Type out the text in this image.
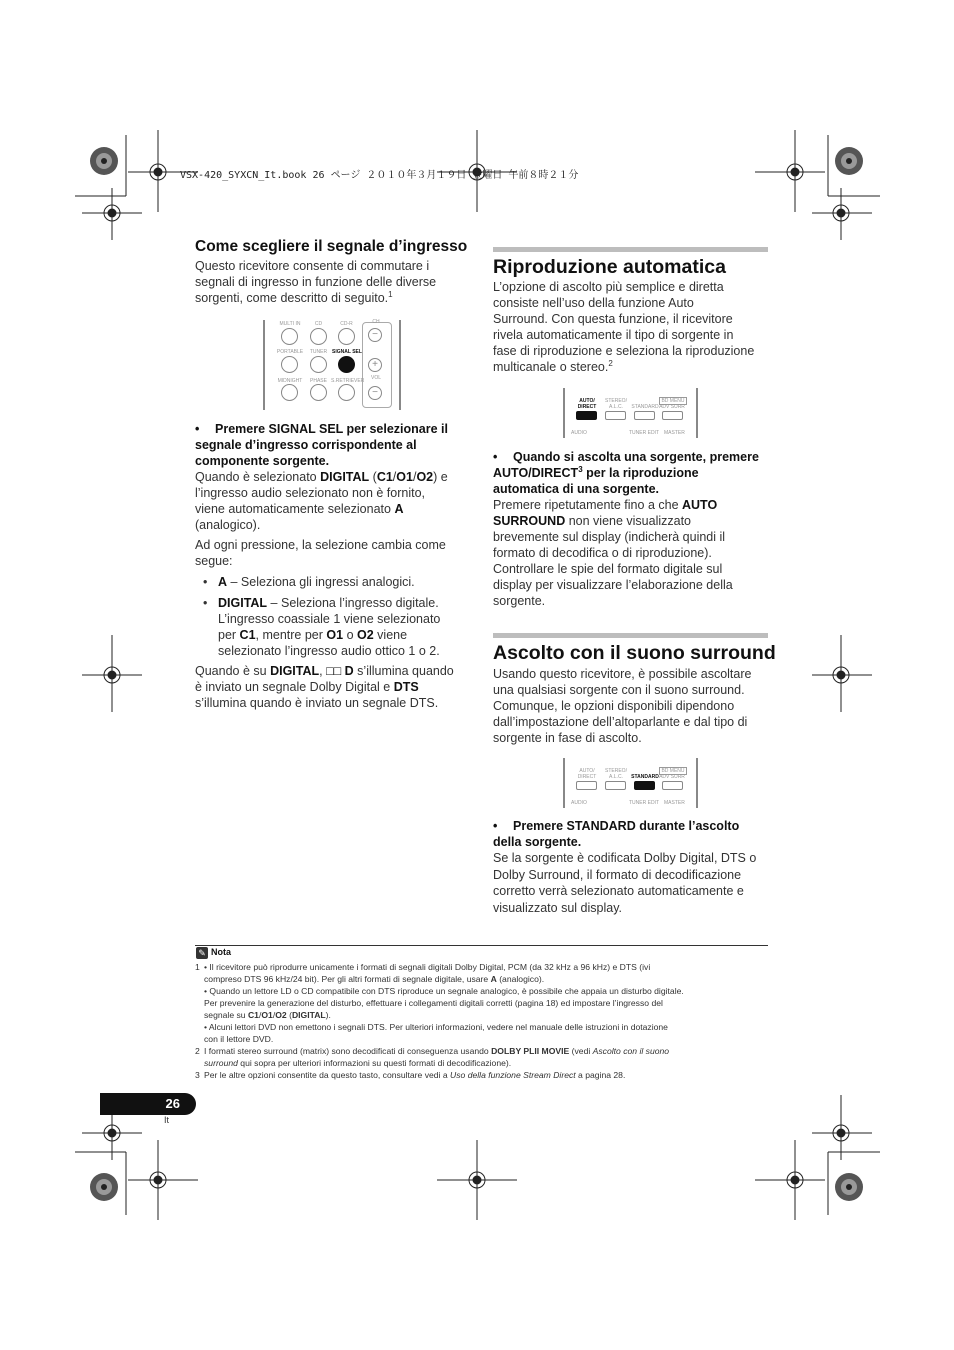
VSX-420_SYXCN_It.book 26 ページ ２０１０年３月１９日 金曜日 午前８時２１分
Come scegliere il segnale d’ingresso
Questo ricevitore consente di commutare i
segnali di ingresso in funzione delle diverse
sorgenti, come descritto di seguito.$^1$
MULTI IN	CD	CD-R	CH
−
PORTABLE	TUNER SIGNAL SEL
+
MIDNIGHT	PHASE S.RETRIEVER	VOL
−
• Premere SIGNAL SEL per selezionare il
segnale d’ingresso corrispondente al
componente sorgente.
Quando è selezionato DIGITAL (C1/O1/O2) e
l’ingresso audio selezionato non è fornito,
viene automaticamente selezionato A
(analogico).
Ad ogni pressione, la selezione cambia come
segue:
• A – Seleziona gli ingressi analogici.
• DIGITAL – Seleziona l’ingresso digitale.
L’ingresso coassiale 1 viene selezionato
per C1, mentre per O1 o O2 viene
selezionato l’ingresso audio ottico 1 o 2.
Quando è su DIGITAL, □□ D s’illumina quando
è inviato un segnale Dolby Digital e DTS
s’illumina quando è inviato un segnale DTS.
Riproduzione automatica
L’opzione di ascolto più semplice e diretta
consiste nell’uso della funzione Auto
Surround. Con questa funzione, il ricevitore
rivela automaticamente il tipo di sorgente in
fase di riproduzione e seleziona la riproduzione
multicanale o stereo.$^2$
AUTO/ DIRECT
STEREO/ A.L.C.	STANDARD
BD MENU
ADV SURR
AUDIO	TUNER EDIT MASTER
• Quando si ascolta una sorgente, premere
AUTO/DIRECT$^3$ per la riproduzione
automatica di una sorgente.
Premere ripetutamente fino a che AUTO
SURROUND non viene visualizzato
brevemente sul display (indicherà quindi il
formato di decodifica o di riproduzione).
Controllare le spie del formato digitale sul
display per visualizzare l’elaborazione della
sorgente.
Ascolto con il suono surround
Usando questo ricevitore, è possibile ascoltare
una qualsiasi sorgente con il suono surround.
Comunque, le opzioni disponibili dipendono
dall’impostazione dell’altoparlante e dal tipo di
sorgente in fase di ascolto.
AUTO/ DIRECT
STEREO/ A.L.C.	STANDARD
BD MENU
ADV SURR
AUDIO	TUNER EDIT MASTER
• Premere STANDARD durante l’ascolto
della sorgente.
Se la sorgente è codificata Dolby Digital, DTS o
Dolby Surround, il formato di decodificazione
corretto verrà selezionato automaticamente e
visualizzato sul display.
✎ Nota
1 • Il ricevitore può riprodurre unicamente i formati di segnali digitali Dolby Digital, PCM (da 32 kHz a 96 kHz) e DTS (ivi
compreso DTS 96 kHz/24 bit). Per gli altri formati di segnale digitale, usare A (analogico).
• Quando un lettore LD o CD compatibile con DTS riproduce un segnale analogico, è possibile che appaia un disturbo digitale.
Per prevenire la generazione del disturbo, effettuare i collegamenti digitali corretti (pagina 18) ed impostare l’ingresso del
segnale su C1/O1/O2 (DIGITAL).
• Alcuni lettori DVD non emettono i segnali DTS. Per ulteriori informazioni, vedere nel manuale delle istruzioni in dotazione
con il lettore DVD.
2 I formati stereo surround (matrix) sono decodificati di conseguenza usando DOLBY PLII MOVIE (vedi Ascolto con il suono
surround qui sopra per ulteriori informazioni su questi formati di decodificazione).
3 Per le altre opzioni consentite da questo tasto, consultare vedi a Uso della funzione Stream Direct a pagina 28.
26
It
